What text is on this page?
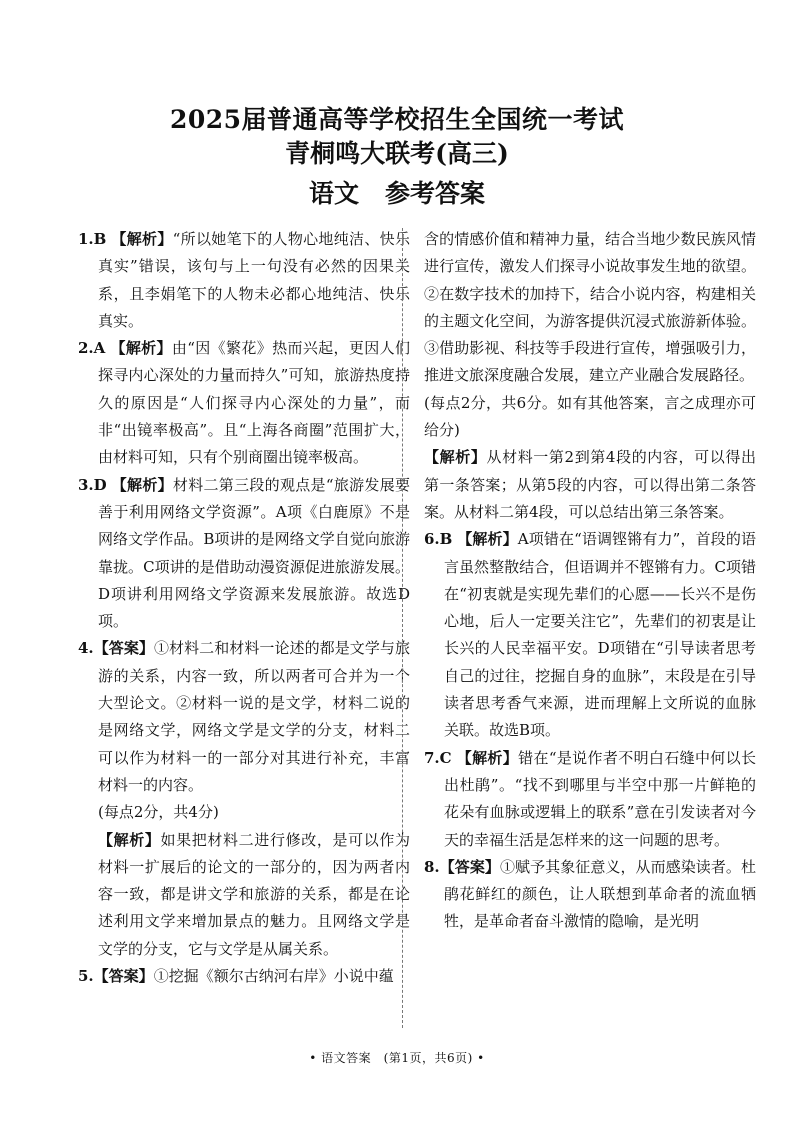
2025届普通高等学校招生全国统一考试
青桐鸣大联考(高三)
语文 参考答案

1.B 【解析】“所以她笔下的人物心地纯洁、快乐真实”错误，该句与上一句没有必然的因果关系，且李娟笔下的人物未必都心地纯洁、快乐真实。

2.A 【解析】由“因《繁花》热而兴起，更因人们探寻内心深处的力量而持久”可知，旅游热度持久的原因是“人们探寻内心深处的力量”，而非“出镜率极高”。且“上海各商圈”范围扩大，由材料可知，只有个别商圈出镜率极高。

3.D 【解析】材料二第三段的观点是“旅游发展要善于利用网络文学资源”。A项《白鹿原》不是网络文学作品。B项讲的是网络文学自觉向旅游靠拢。C项讲的是借助动漫资源促进旅游发展。D项讲利用网络文学资源来发展旅游。故选D项。

4.【答案】①材料二和材料一论述的都是文学与旅游的关系，内容一致，所以两者可合并为一个大型论文。②材料一说的是文学，材料二说的是网络文学，网络文学是文学的分支，材料二可以作为材料一的一部分对其进行补充，丰富材料一的内容。

(每点2分，共4分)

【解析】如果把材料二进行修改，是可以作为材料一扩展后的论文的一部分的，因为两者内容一致，都是讲文学和旅游的关系，都是在论述利用文学来增加景点的魅力。且网络文学是文学的分支，它与文学是从属关系。

5.【答案】①挖掘《额尔古纳河右岸》小说中蕴

含的情感价值和精神力量，结合当地少数民族风情进行宣传，激发人们探寻小说故事发生地的欲望。②在数字技术的加持下，结合小说内容，构建相关的主题文化空间，为游客提供沉浸式旅游新体验。③借助影视、科技等手段进行宣传，增强吸引力，推进文旅深度融合发展，建立产业融合发展路径。

(每点2分，共6分。如有其他答案，言之成理亦可给分)

【解析】从材料一第2到第4段的内容，可以得出第一条答案；从第5段的内容，可以得出第二条答案。从材料二第4段，可以总结出第三条答案。

6.B 【解析】A项错在“语调铿锵有力”，首段的语言虽然整散结合，但语调并不铿锵有力。C项错在“初衷就是实现先辈们的心愿——长兴不是伤心地，后人一定要关注它”，先辈们的初衷是让长兴的人民幸福平安。D项错在“引导读者思考自己的过往，挖掘自身的血脉”，末段是在引导读者思考香气来源，进而理解上文所说的血脉关联。故选B项。

7.C 【解析】错在“是说作者不明白石缝中何以长出杜鹃”。“找不到哪里与半空中那一片鲜艳的花朵有血脉或逻辑上的联系”意在引发读者对今天的幸福生活是怎样来的这一问题的思考。

8.【答案】①赋予其象征意义，从而感染读者。杜鹃花鲜红的颜色，让人联想到革命者的流血牺牲，是革命者奋斗激情的隐喻，是光明

• 语文答案　(第1页，共6页) •
